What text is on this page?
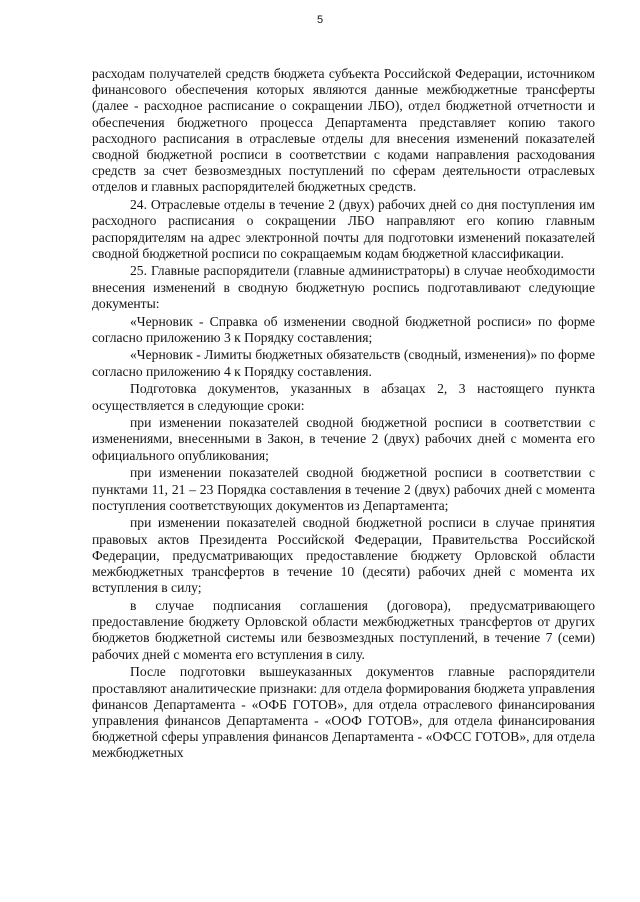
5

расходам получателей средств бюджета субъекта Российской Федерации, источником финансового обеспечения которых являются данные межбюджетные трансферты (далее - расходное расписание о сокращении ЛБО), отдел бюджетной отчетности и обеспечения бюджетного процесса Департамента представляет копию такого расходного расписания в отраслевые отделы для внесения изменений показателей сводной бюджетной росписи в соответствии с кодами направления расходования средств за счет безвозмездных поступлений по сферам деятельности отраслевых отделов и главных распорядителей бюджетных средств.

24. Отраслевые отделы в течение 2 (двух) рабочих дней со дня поступления им расходного расписания о сокращении ЛБО направляют его копию главным распорядителям на адрес электронной почты для подготовки изменений показателей сводной бюджетной росписи по сокращаемым кодам бюджетной классификации.

25. Главные распорядители (главные администраторы) в случае необходимости внесения изменений в сводную бюджетную роспись подготавливают следующие документы:

«Черновик - Справка об изменении сводной бюджетной росписи» по форме согласно приложению 3 к Порядку составления;

«Черновик - Лимиты бюджетных обязательств (сводный, изменения)» по форме согласно приложению 4 к Порядку составления.

Подготовка документов, указанных в абзацах 2, 3 настоящего пункта осуществляется в следующие сроки:

при изменении показателей сводной бюджетной росписи в соответствии с изменениями, внесенными в Закон, в течение 2 (двух) рабочих дней с момента его официального опубликования;

при изменении показателей сводной бюджетной росписи в соответствии с пунктами 11, 21 – 23 Порядка составления в течение 2 (двух) рабочих дней с момента поступления соответствующих документов из Департамента;

при изменении показателей сводной бюджетной росписи в случае принятия правовых актов Президента Российской Федерации, Правительства Российской Федерации, предусматривающих предоставление бюджету Орловской области межбюджетных трансфертов в течение 10 (десяти) рабочих дней с момента их вступления в силу;

в случае подписания соглашения (договора), предусматривающего предоставление бюджету Орловской области межбюджетных трансфертов от других бюджетов бюджетной системы или безвозмездных поступлений, в течение 7 (семи) рабочих дней с момента его вступления в силу.

После подготовки вышеуказанных документов главные распорядители проставляют аналитические признаки: для отдела формирования бюджета управления финансов Департамента - «ОФБ ГОТОВ», для отдела отраслевого финансирования управления финансов Департамента - «ООФ ГОТОВ», для отдела финансирования бюджетной сферы управления финансов Департамента - «ОФСС ГОТОВ», для отдела межбюджетных
